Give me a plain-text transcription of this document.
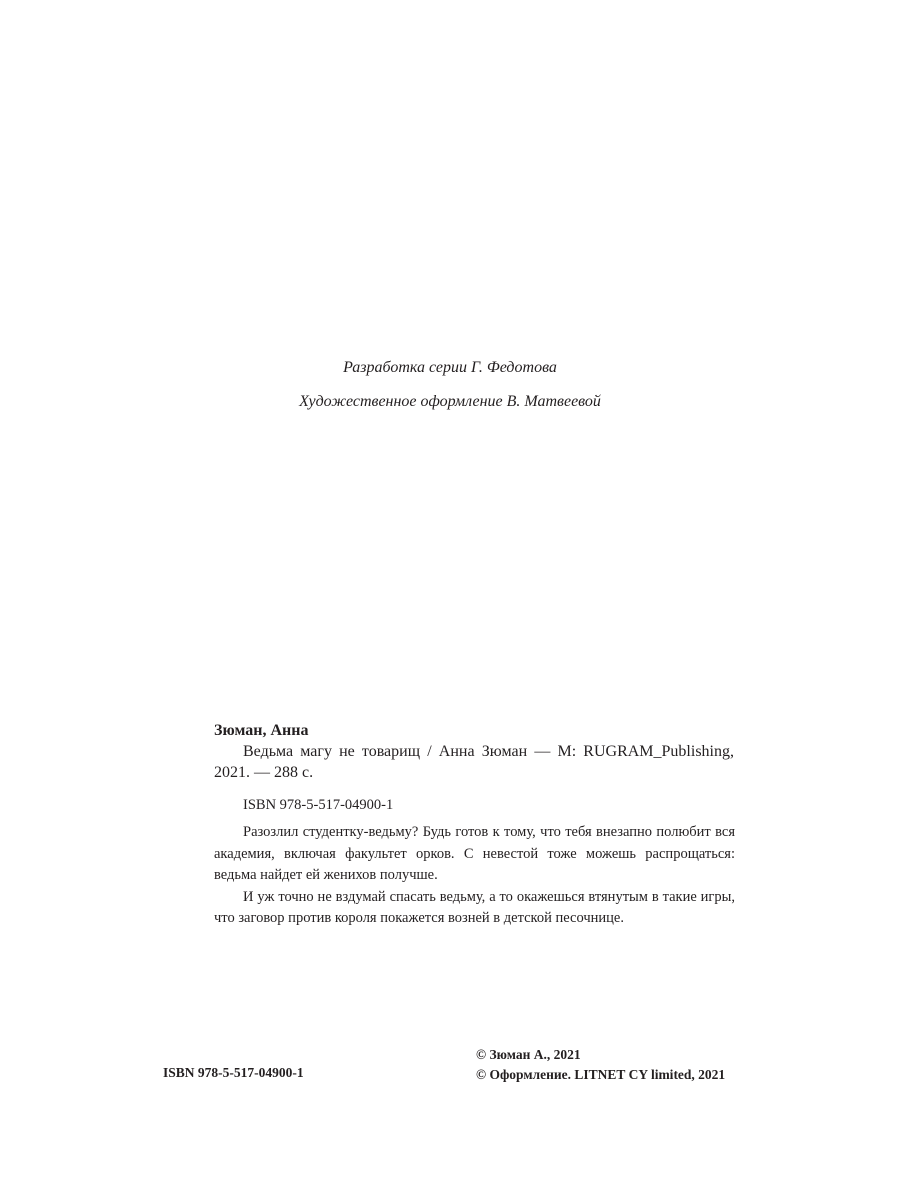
Разработка серии Г. Федотова
Художественное оформление В. Матвеевой

Зюман, Анна

Ведьма магу не товарищ / Анна Зюман — М: RUGRAM_Publishing, 2021. — 288 с.

ISBN 978-5-517-04900-1

Разозлил студентку-ведьму? Будь готов к тому, что тебя внезапно полюбит вся академия, включая факультет орков. С невестой тоже можешь распрощаться: ведьма найдет ей женихов получше.

И уж точно не вздумай спасать ведьму, а то окажешься втянутым в такие игры, что заговор против короля покажется возней в детской песочнице.

ISBN 978-5-517-04900-1
© Зюман А., 2021
© Оформление. LITNET CY limited, 2021
